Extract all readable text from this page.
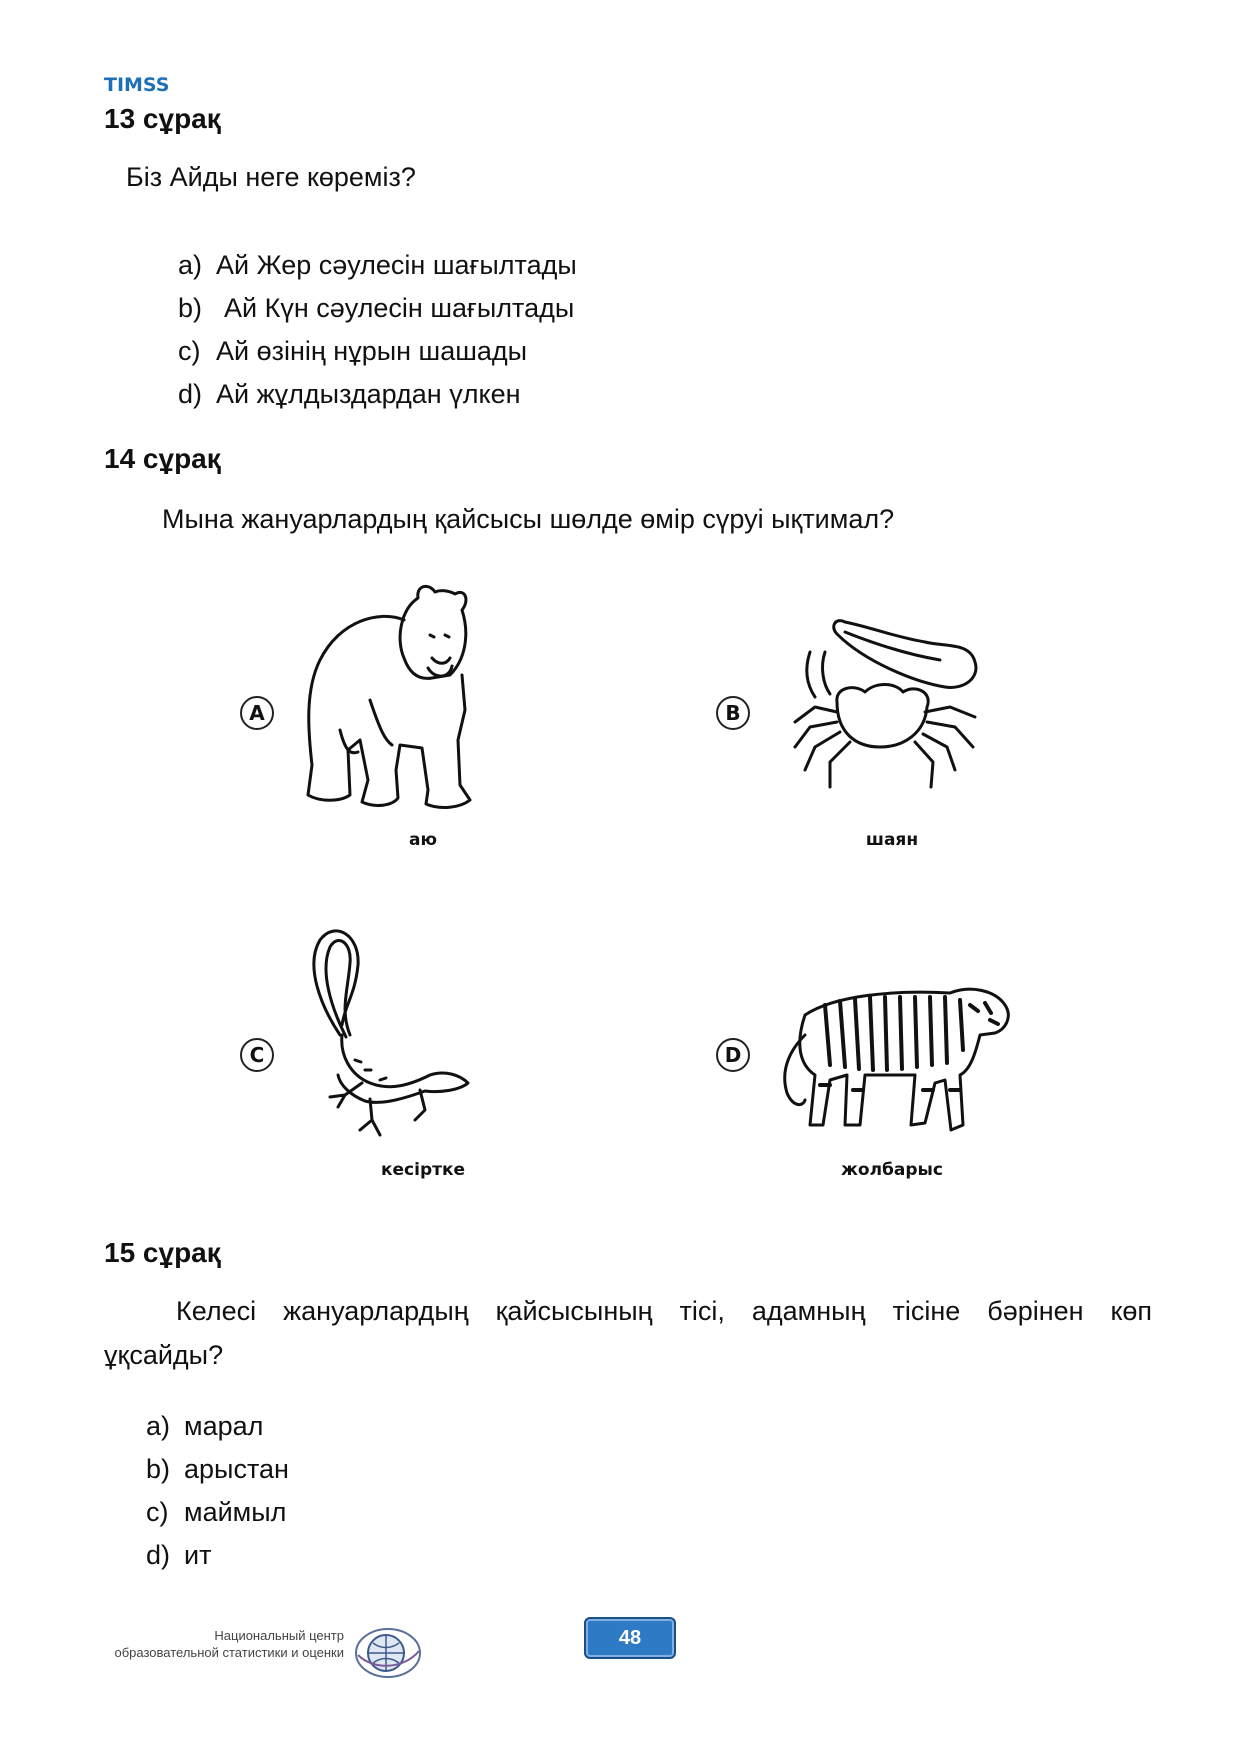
TIMSS
13 сұрақ
Біз Айды неге көреміз?
a) Ай Жер сәулесін шағылтады
b) Ай Күн сәулесін шағылтады
c) Ай өзінің нұрын шашады
d) Ай жұлдыздардан үлкен
14 сұрақ
Мына жануарлардың қайсысы шөлде өмір сүруі ықтимал?
A
аю
B
шаян
C
кесіртке
D
жолбарыс
15 сұрақ
Келесі жануарлардың қайсысының тісі, адамның тісіне бәрінен көп
ұқсайды?
a) марал
b) арыстан
c) маймыл
d) ит
48
Национальный центр
образовательной статистики и оценки
